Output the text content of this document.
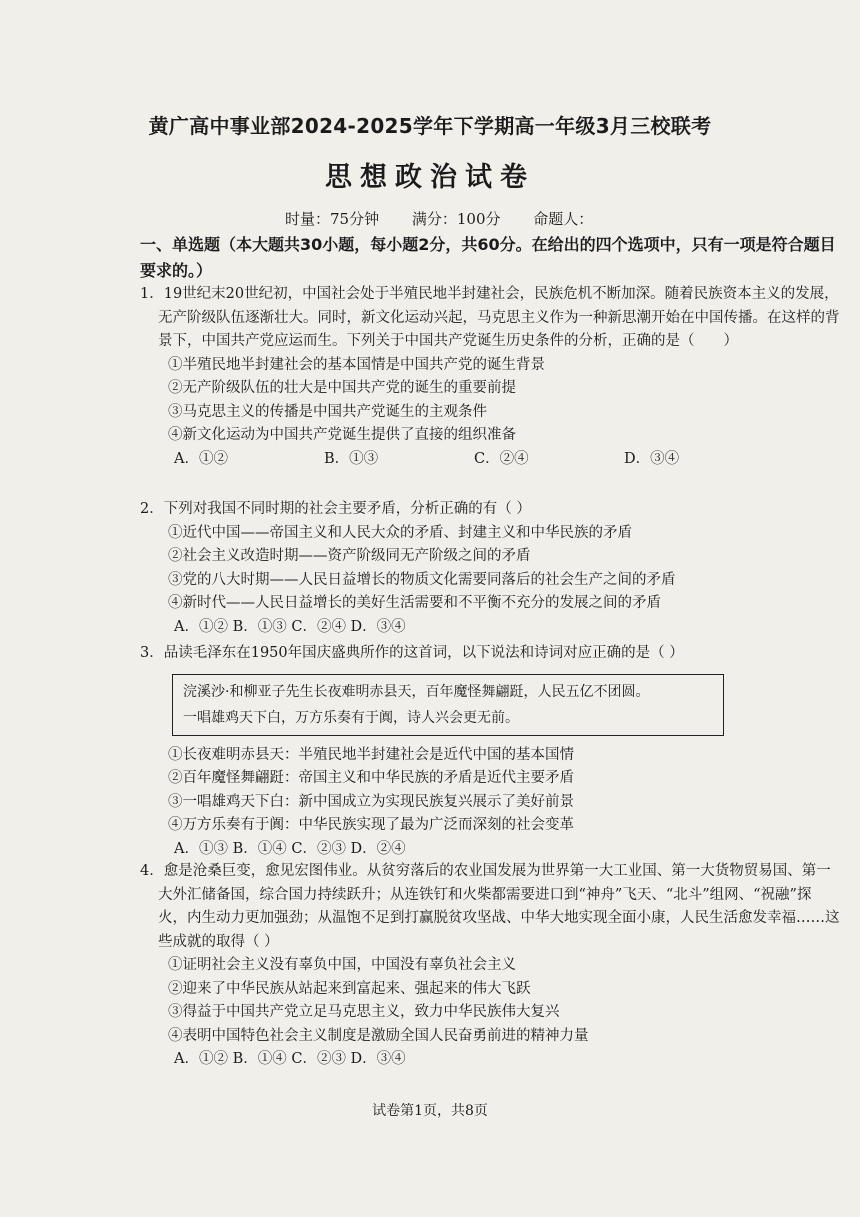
黄广高中事业部2024-2025学年下学期高一年级3月三校联考
思想政治试卷
时量：75分钟 满分：100分 命题人：
一、单选题（本大题共30小题，每小题2分，共60分。在给出的四个选项中，只有一项是符合题目要求的。）

1．19世纪末20世纪初，中国社会处于半殖民地半封建社会，民族危机不断加深。随着民族资本主义的发展，无产阶级队伍逐渐壮大。同时，新文化运动兴起，马克思主义作为一种新思潮开始在中国传播。在这样的背景下，中国共产党应运而生。下列关于中国共产党诞生历史条件的分析，正确的是（　　）

①半殖民地半封建社会的基本国情是中国共产党的诞生背景

②无产阶级队伍的壮大是中国共产党的诞生的重要前提

③马克思主义的传播是中国共产党诞生的主观条件

④新文化运动为中国共产党诞生提供了直接的组织准备

A．①②	B．①③	C．②④	D．③④

2．下列对我国不同时期的社会主要矛盾，分析正确的有（ ）

①近代中国——帝国主义和人民大众的矛盾、封建主义和中华民族的矛盾

②社会主义改造时期——资产阶级同无产阶级之间的矛盾

③党的八大时期——人民日益增长的物质文化需要同落后的社会生产之间的矛盾

④新时代——人民日益增长的美好生活需要和不平衡不充分的发展之间的矛盾

A．①② B．①③ C．②④ D．③④

3．品读毛泽东在1950年国庆盛典所作的这首词，以下说法和诗词对应正确的是（ ）

浣溪沙·和柳亚子先生长夜难明赤县天，百年魔怪舞翩跹，人民五亿不团圆。
一唱雄鸡天下白，万方乐奏有于阗，诗人兴会更无前。

①长夜难明赤县天：半殖民地半封建社会是近代中国的基本国情

②百年魔怪舞翩跹：帝国主义和中华民族的矛盾是近代主要矛盾

③一唱雄鸡天下白：新中国成立为实现民族复兴展示了美好前景

④万方乐奏有于阗：中华民族实现了最为广泛而深刻的社会变革

A．①③ B．①④ C．②③ D．②④

4．愈是沧桑巨变，愈见宏图伟业。从贫穷落后的农业国发展为世界第一大工业国、第一大货物贸易国、第一大外汇储备国，综合国力持续跃升；从连铁钉和火柴都需要进口到“神舟”飞天、“北斗”组网、“祝融”探火，内生动力更加强劲；从温饱不足到打赢脱贫攻坚战、中华大地实现全面小康，人民生活愈发幸福……这些成就的取得（ ）

①证明社会主义没有辜负中国，中国没有辜负社会主义

②迎来了中华民族从站起来到富起来、强起来的伟大飞跃

③得益于中国共产党立足马克思主义，致力中华民族伟大复兴

④表明中国特色社会主义制度是激励全国人民奋勇前进的精神力量

A．①② B．①④ C．②③ D．③④

试卷第1页，共8页
